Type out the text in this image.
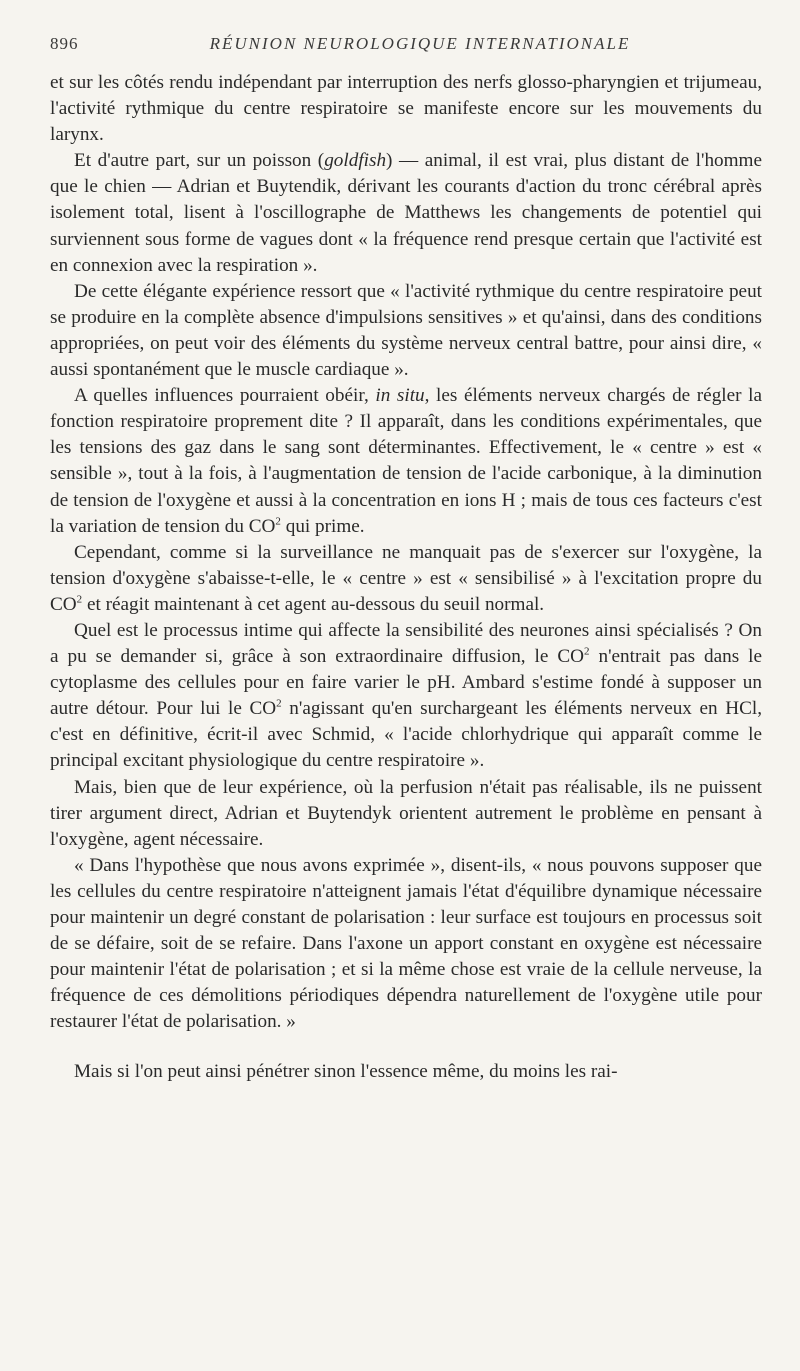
896	RÉUNION NEUROLOGIQUE INTERNATIONALE

et sur les côtés rendu indépendant par interruption des nerfs glosso-pharyngien et trijumeau, l'activité rythmique du centre respiratoire se manifeste encore sur les mouvements du larynx.

Et d'autre part, sur un poisson (goldfish) — animal, il est vrai, plus distant de l'homme que le chien — Adrian et Buytendik, dérivant les courants d'action du tronc cérébral après isolement total, lisent à l'oscillographe de Matthews les changements de potentiel qui surviennent sous forme de vagues dont « la fréquence rend presque certain que l'activité est en connexion avec la respiration ».

De cette élégante expérience ressort que « l'activité rythmique du centre respiratoire peut se produire en la complète absence d'impulsions sensitives » et qu'ainsi, dans des conditions appropriées, on peut voir des éléments du système nerveux central battre, pour ainsi dire, « aussi spontanément que le muscle cardiaque ».

A quelles influences pourraient obéir, in situ, les éléments nerveux chargés de régler la fonction respiratoire proprement dite ? Il apparaît, dans les conditions expérimentales, que les tensions des gaz dans le sang sont déterminantes. Effectivement, le « centre » est « sensible », tout à la fois, à l'augmentation de tension de l'acide carbonique, à la diminution de tension de l'oxygène et aussi à la concentration en ions H ; mais de tous ces facteurs c'est la variation de tension du $CO^2$ qui prime.

Cependant, comme si la surveillance ne manquait pas de s'exercer sur l'oxygène, la tension d'oxygène s'abaisse-t-elle, le « centre » est « sensibilisé » à l'excitation propre du $CO^2$ et réagit maintenant à cet agent au-dessous du seuil normal.

Quel est le processus intime qui affecte la sensibilité des neurones ainsi spécialisés ? On a pu se demander si, grâce à son extraordinaire diffusion, le $CO^2$ n'entrait pas dans le cytoplasme des cellules pour en faire varier le pH. Ambard s'estime fondé à supposer un autre détour. Pour lui le $CO^2$ n'agissant qu'en surchargeant les éléments nerveux en HCl, c'est en définitive, écrit-il avec Schmid, « l'acide chlorhydrique qui apparaît comme le principal excitant physiologique du centre respiratoire ».

Mais, bien que de leur expérience, où la perfusion n'était pas réalisable, ils ne puissent tirer argument direct, Adrian et Buytendyk orientent autrement le problème en pensant à l'oxygène, agent nécessaire.

« Dans l'hypothèse que nous avons exprimée », disent-ils, « nous pouvons supposer que les cellules du centre respiratoire n'atteignent jamais l'état d'équilibre dynamique nécessaire pour maintenir un degré constant de polarisation : leur surface est toujours en processus soit de se défaire, soit de se refaire. Dans l'axone un apport constant en oxygène est nécessaire pour maintenir l'état de polarisation ; et si la même chose est vraie de la cellule nerveuse, la fréquence de ces démolitions périodiques dépendra naturellement de l'oxygène utile pour restaurer l'état de polarisation. »

Mais si l'on peut ainsi pénétrer sinon l'essence même, du moins les rai-
